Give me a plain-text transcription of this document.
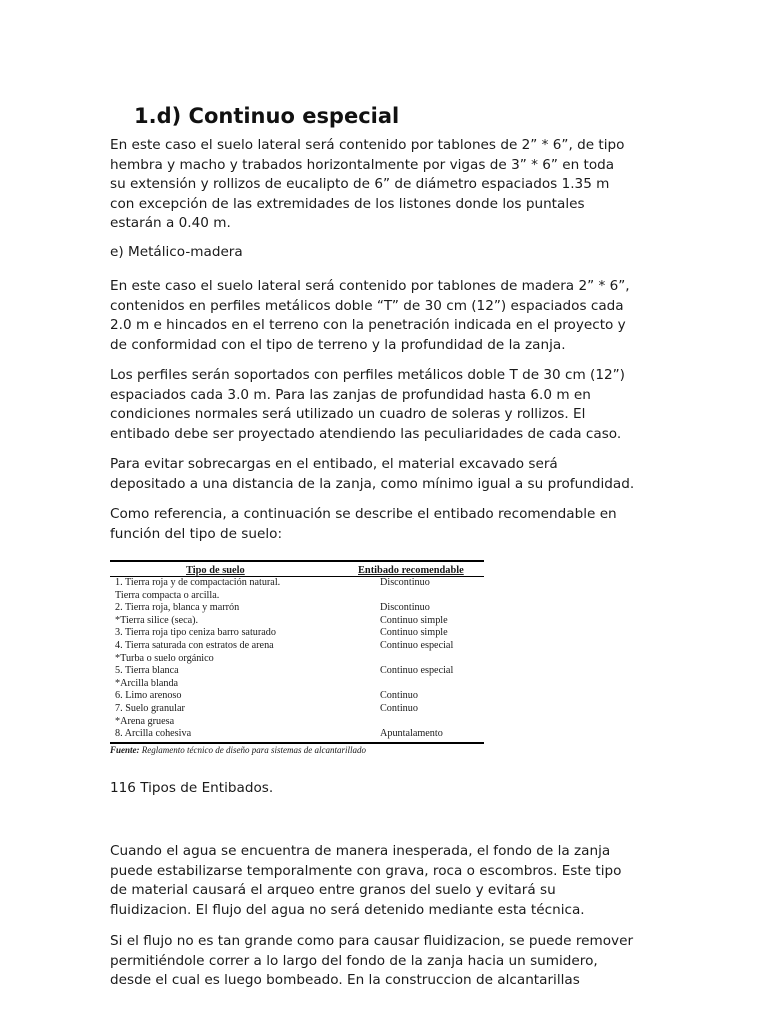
1.d) Continuo especial

En este caso el suelo lateral será contenido por tablones de 2” * 6”, de tipo
hembra y macho y trabados horizontalmente por vigas de 3” * 6” en toda
su extensión y rollizos de eucalipto de 6” de diámetro espaciados 1.35 m
con excepción de las extremidades de los listones donde los puntales
estarán a 0.40 m.

e) Metálico-madera

En este caso el suelo lateral será contenido por tablones de madera 2” * 6”,
contenidos en perfiles metálicos doble “T” de 30 cm (12”) espaciados cada
2.0 m e hincados en el terreno con la penetración indicada en el proyecto y
de conformidad con el tipo de terreno y la profundidad de la zanja.

Los perfiles serán soportados con perfiles metálicos doble T de 30 cm (12”)
espaciados cada 3.0 m. Para las zanjas de profundidad hasta 6.0 m en
condiciones normales será utilizado un cuadro de soleras y rollizos. El
entibado debe ser proyectado atendiendo las peculiaridades de cada caso.

Para evitar sobrecargas en el entibado, el material excavado será
depositado a una distancia de la zanja, como mínimo igual a su profundidad.

Como referencia, a continuación se describe el entibado recomendable en
función del tipo de suelo:

Tipo de suelo	Entibado recomendable
1. Tierra roja y de compactación natural.	Discontinuo
Tierra compacta o arcilla.
2. Tierra roja, blanca y marrón	Discontinuo
*Tierra silice (seca).	Continuo simple
3. Tierra roja tipo ceniza barro saturado	Continuo simple
4. Tierra saturada con estratos de arena	Continuo especial
*Turba o suelo orgánico
5. Tierra blanca	Continuo especial
*Arcilla blanda
6. Limo arenoso	Continuo
7. Suelo granular	Continuo
*Arena gruesa
8. Arcilla cohesiva	Apuntalamento
Fuente: Reglamento técnico de diseño para sistemas de alcantarillado

116 Tipos de Entibados.

Cuando el agua se encuentra de manera inesperada, el fondo de la zanja
puede estabilizarse temporalmente con grava, roca o escombros. Este tipo
de material causará el arqueo entre granos del suelo y evitará su
fluidizacion. El flujo del agua no será detenido mediante esta técnica.

Si el flujo no es tan grande como para causar fluidizacion, se puede remover
permitiéndole correr a lo largo del fondo de la zanja hacia un sumidero,
desde el cual es luego bombeado. En la construccion de alcantarillas
